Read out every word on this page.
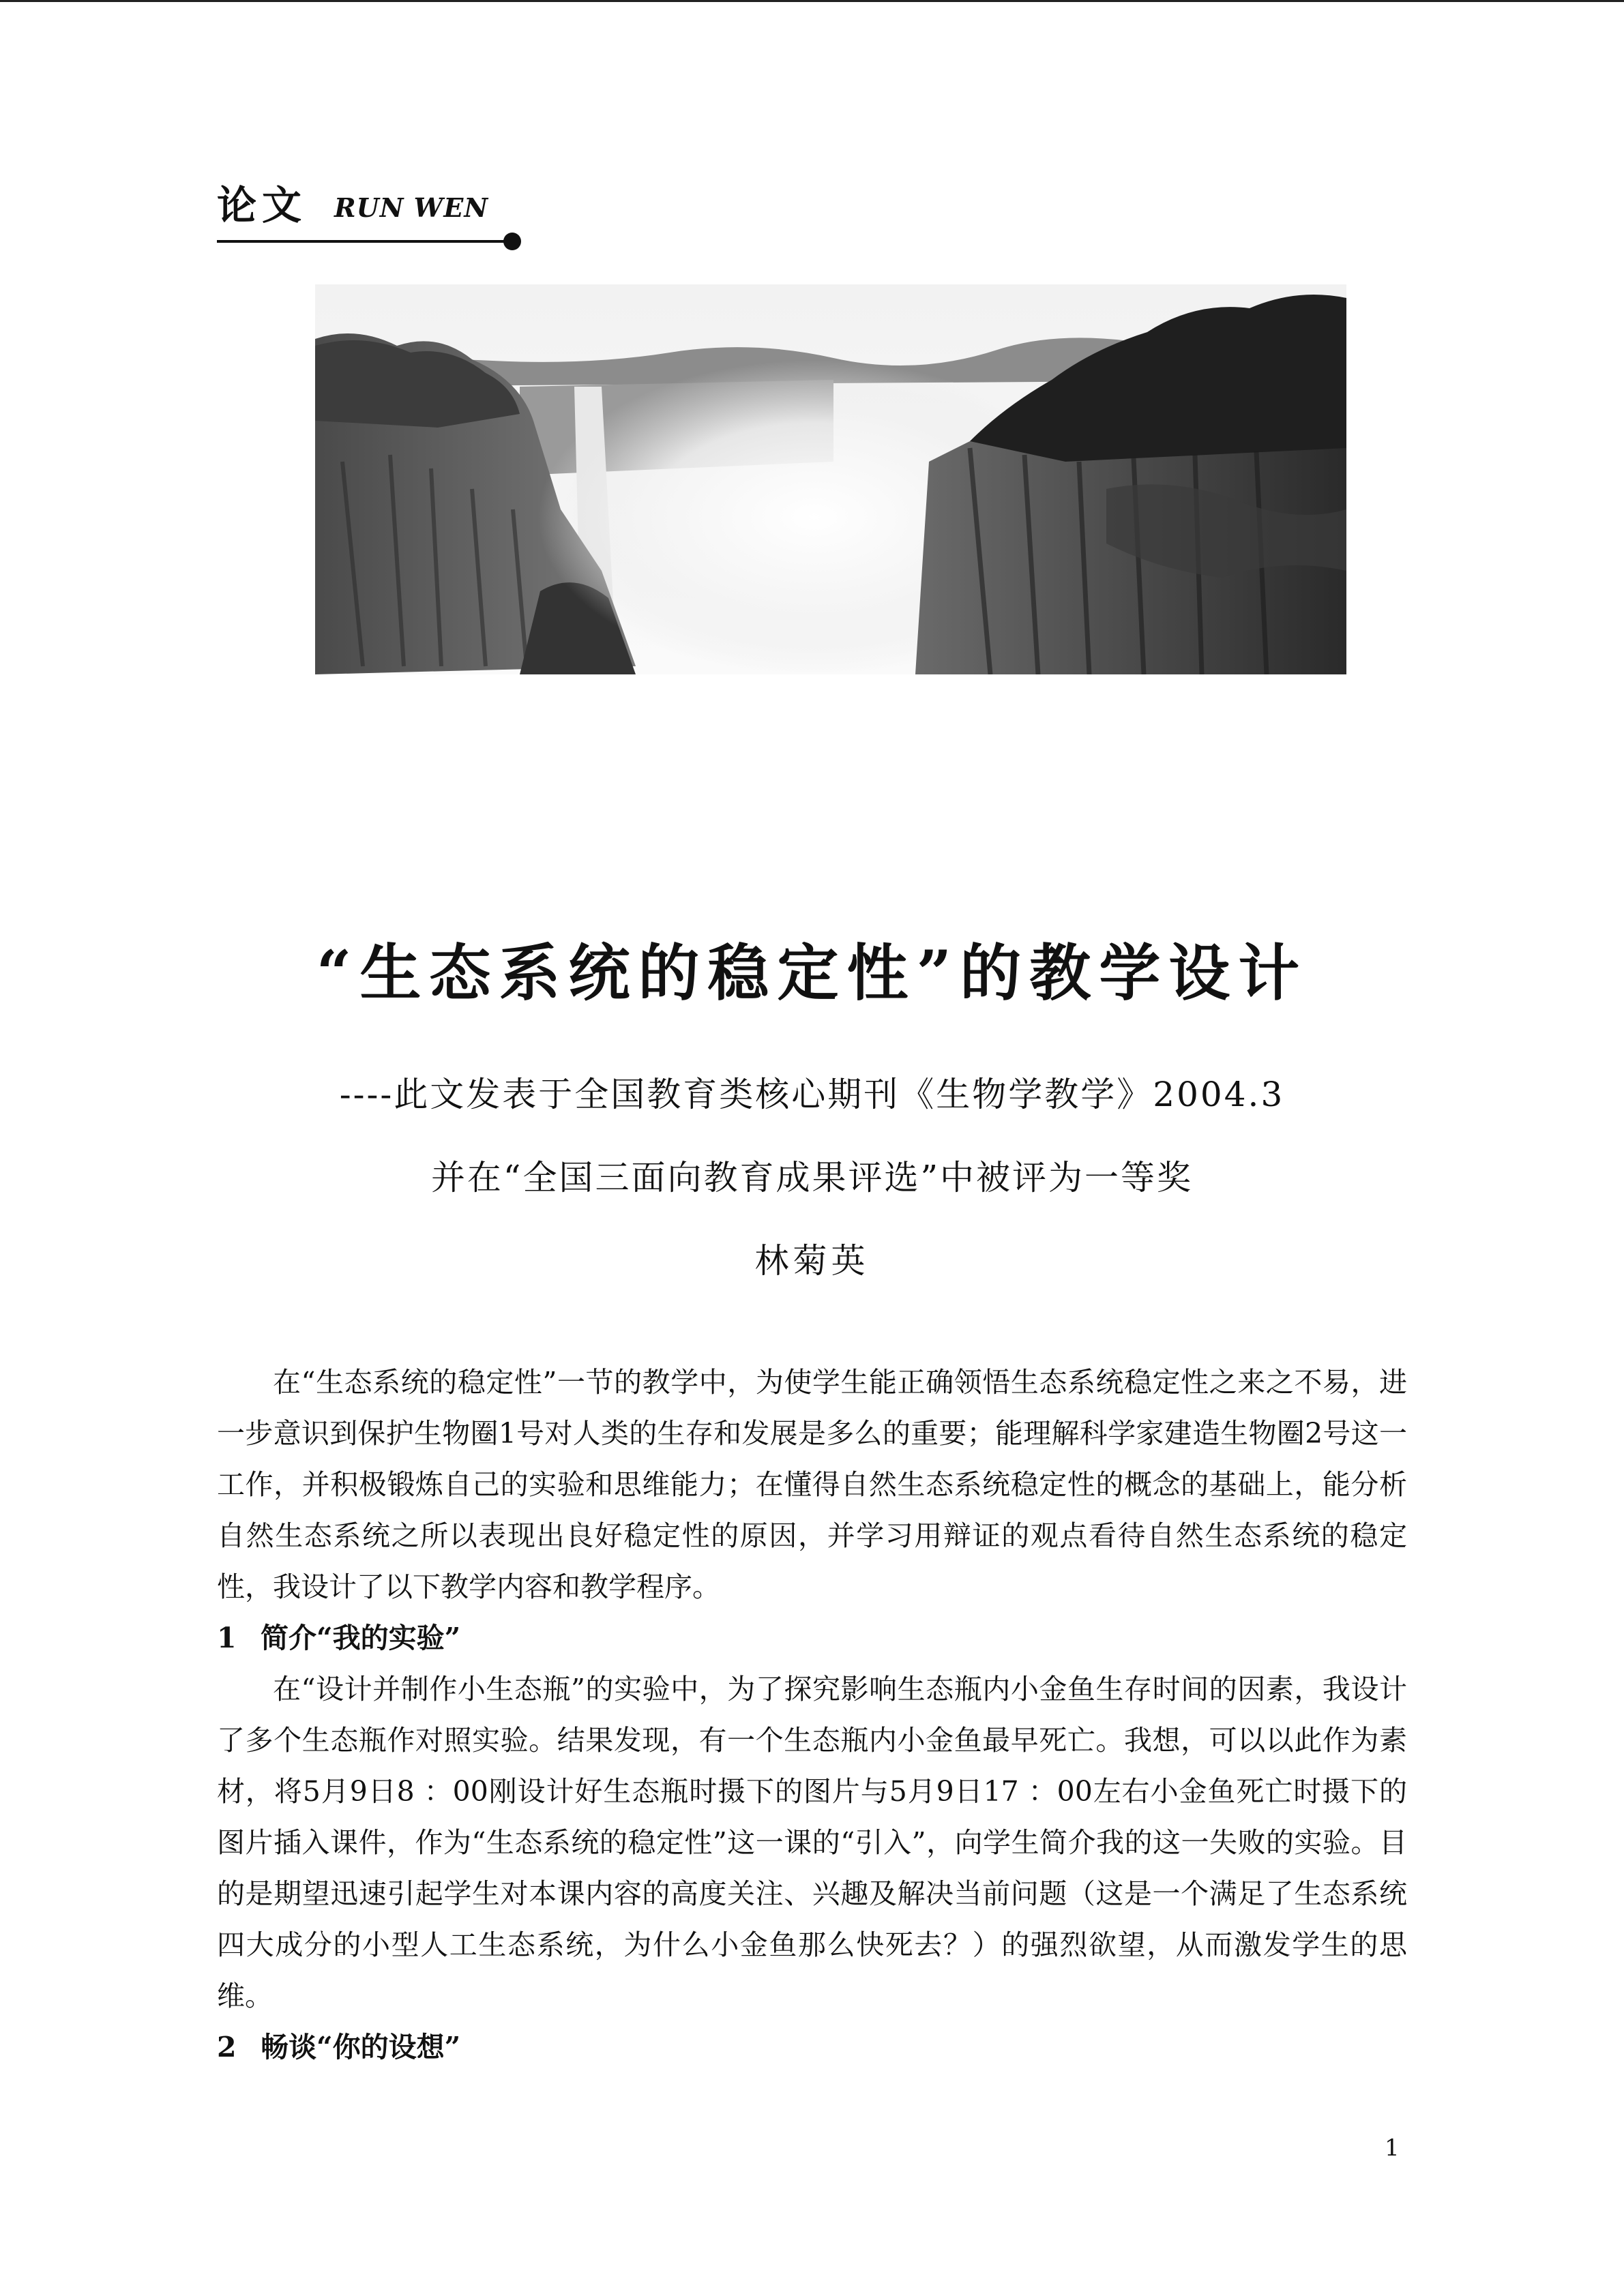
论文 RUN WEN
“生态系统的稳定性”的教学设计
----此文发表于全国教育类核心期刊《生物学教学》2004.3
并在“全国三面向教育成果评选”中被评为一等奖
林菊英

在“生态系统的稳定性”一节的教学中，为使学生能正确领悟生态系统稳定性之来之不易，进一步意识到保护生物圈1号对人类的生存和发展是多么的重要；能理解科学家建造生物圈2号这一工作，并积极锻炼自己的实验和思维能力；在懂得自然生态系统稳定性的概念的基础上，能分析自然生态系统之所以表现出良好稳定性的原因，并学习用辩证的观点看待自然生态系统的稳定性，我设计了以下教学内容和教学程序。

1 简介“我的实验”

在“设计并制作小生态瓶”的实验中，为了探究影响生态瓶内小金鱼生存时间的因素，我设计了多个生态瓶作对照实验。结果发现，有一个生态瓶内小金鱼最早死亡。我想，可以以此作为素材，将5月9日8 ：00刚设计好生态瓶时摄下的图片与5月9日17 ：00左右小金鱼死亡时摄下的图片插入课件，作为“生态系统的稳定性”这一课的“引入”，向学生简介我的这一失败的实验。目的是期望迅速引起学生对本课内容的高度关注、兴趣及解决当前问题（这是一个满足了生态系统四大成分的小型人工生态系统，为什么小金鱼那么快死去？）的强烈欲望，从而激发学生的思维。

2 畅谈“你的设想”
1
